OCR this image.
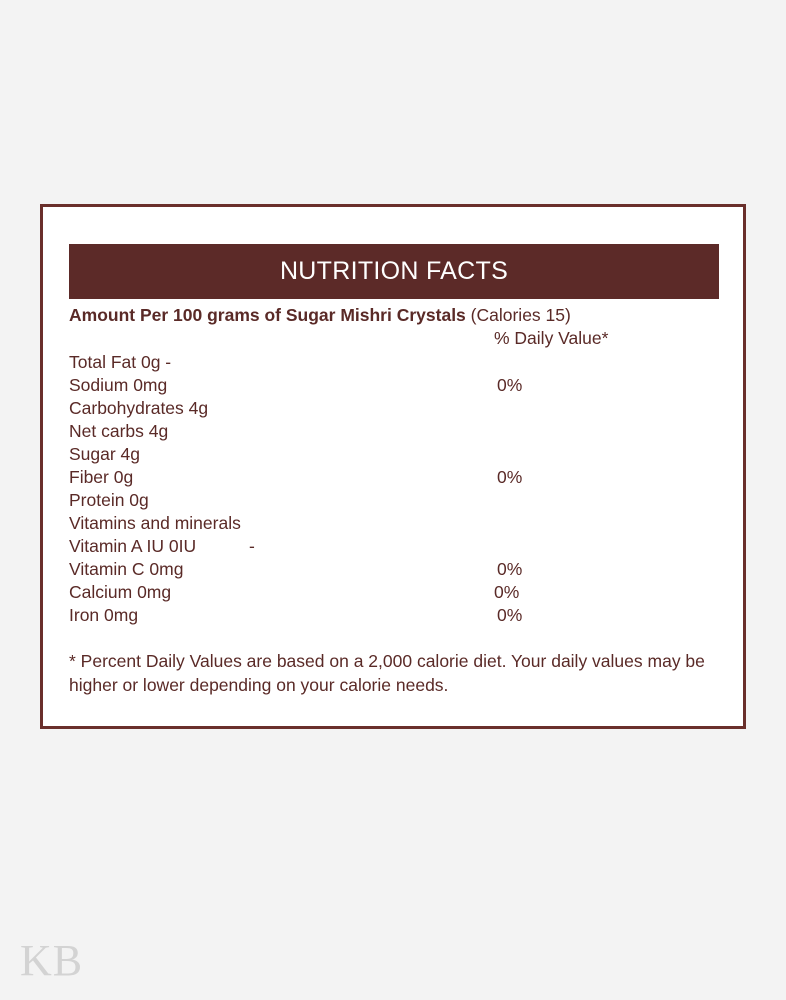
NUTRITION FACTS
Amount Per 100 grams of Sugar Mishri Crystals (Calories 15)
% Daily Value*
Total Fat 0g -
Sodium 0mg	0%
Carbohydrates 4g
Net carbs 4g
Sugar 4g
Fiber 0g	0%
Protein 0g
Vitamins and minerals
Vitamin A IU 0IU	-
Vitamin C 0mg	0%
Calcium 0mg	0%
Iron 0mg	0%
* Percent Daily Values are based on a 2,000 calorie diet. Your daily values may be higher or lower depending on your calorie needs.
KB
